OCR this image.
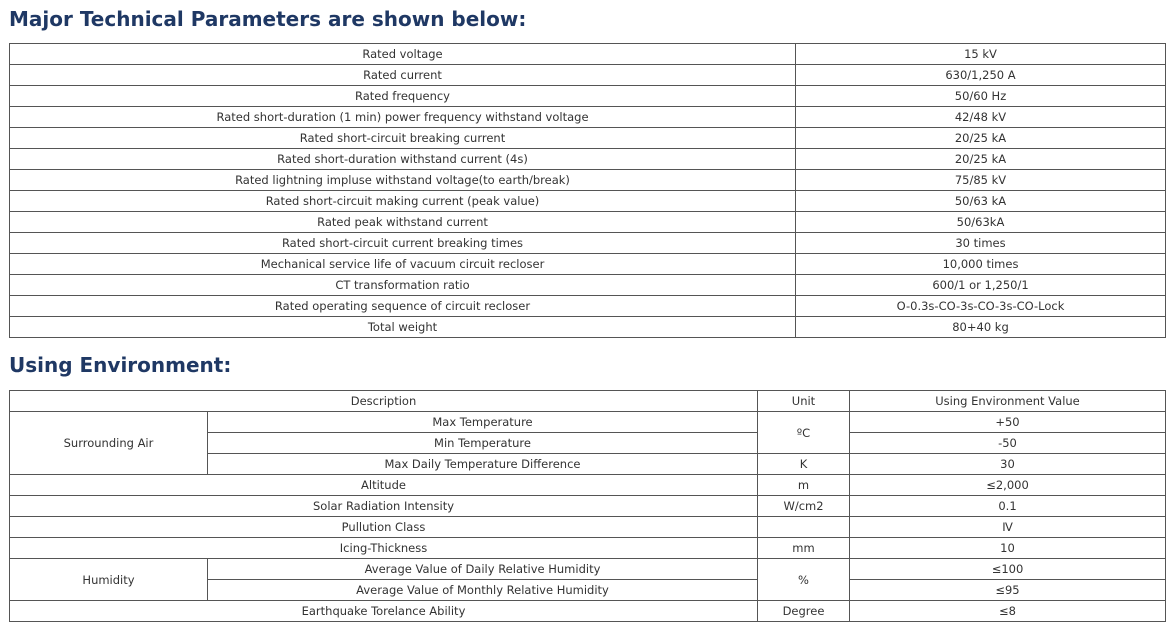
Major Technical Parameters are shown below:
Rated voltage	15 kV
Rated current	630/1,250 A
Rated frequency	50/60 Hz
Rated short-duration (1 min) power frequency withstand voltage	42/48 kV
Rated short-circuit breaking current	20/25 kA
Rated short-duration withstand current (4s)	20/25 kA
Rated lightning impluse withstand voltage(to earth/break)	75/85 kV
Rated short-circuit making current (peak value)	50/63 kA
Rated peak withstand current	50/63kA
Rated short-circuit current breaking times	30 times
Mechanical service life of vacuum circuit recloser	10,000 times
CT transformation ratio	600/1 or 1,250/1
Rated operating sequence of circuit recloser	O-0.3s-CO-3s-CO-3s-CO-Lock
Total weight	80+40 kg
Using Environment:
Description		Unit	Using Environment Value
Surrounding Air	Max Temperature	ºC	+50
	Min Temperature		-50
	Max Daily Temperature Difference	K	30
Altitude		m	≤2,000
Solar Radiation Intensity		W/cm2	0.1
Pullution Class			Ⅳ
Icing-Thickness		mm	10
Humidity	Average Value of Daily Relative Humidity	%	≤100
	Average Value of Monthly Relative Humidity		≤95
Earthquake Torelance Ability		Degree	≤8
